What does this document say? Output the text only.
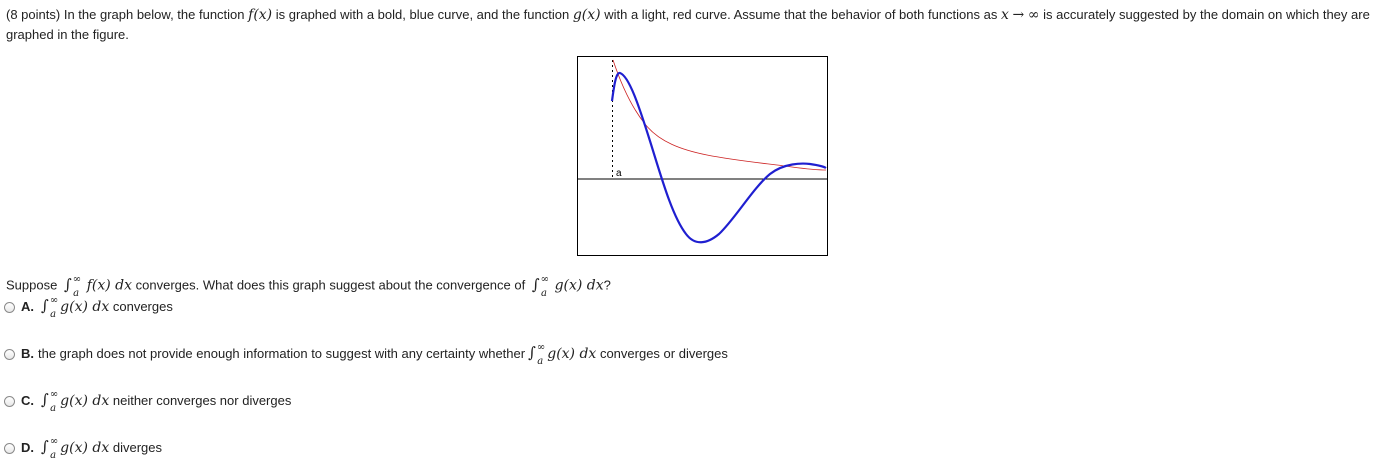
(8 points) In the graph below, the function f(x) is graphed with a bold, blue curve, and the function g(x) with a light, red curve. Assume that the behavior of both functions as x → ∞ is accurately suggested by the domain on which they are graphed in the figure.
a
Suppose $\int^\infty_a$ f(x) dx converges. What does this graph suggest about the convergence of $\int^\infty_a$ g(x) dx?
A. $\int^\infty_a$ g(x) dx
converges
B. the graph does not provide enough information to suggest with any certainty whether $\int^\infty_a$ g(x) dx
converges or diverges
C. $\int^\infty_a$ g(x) dx
neither converges nor diverges
D. $\int^\infty_a$ g(x) dx
diverges
